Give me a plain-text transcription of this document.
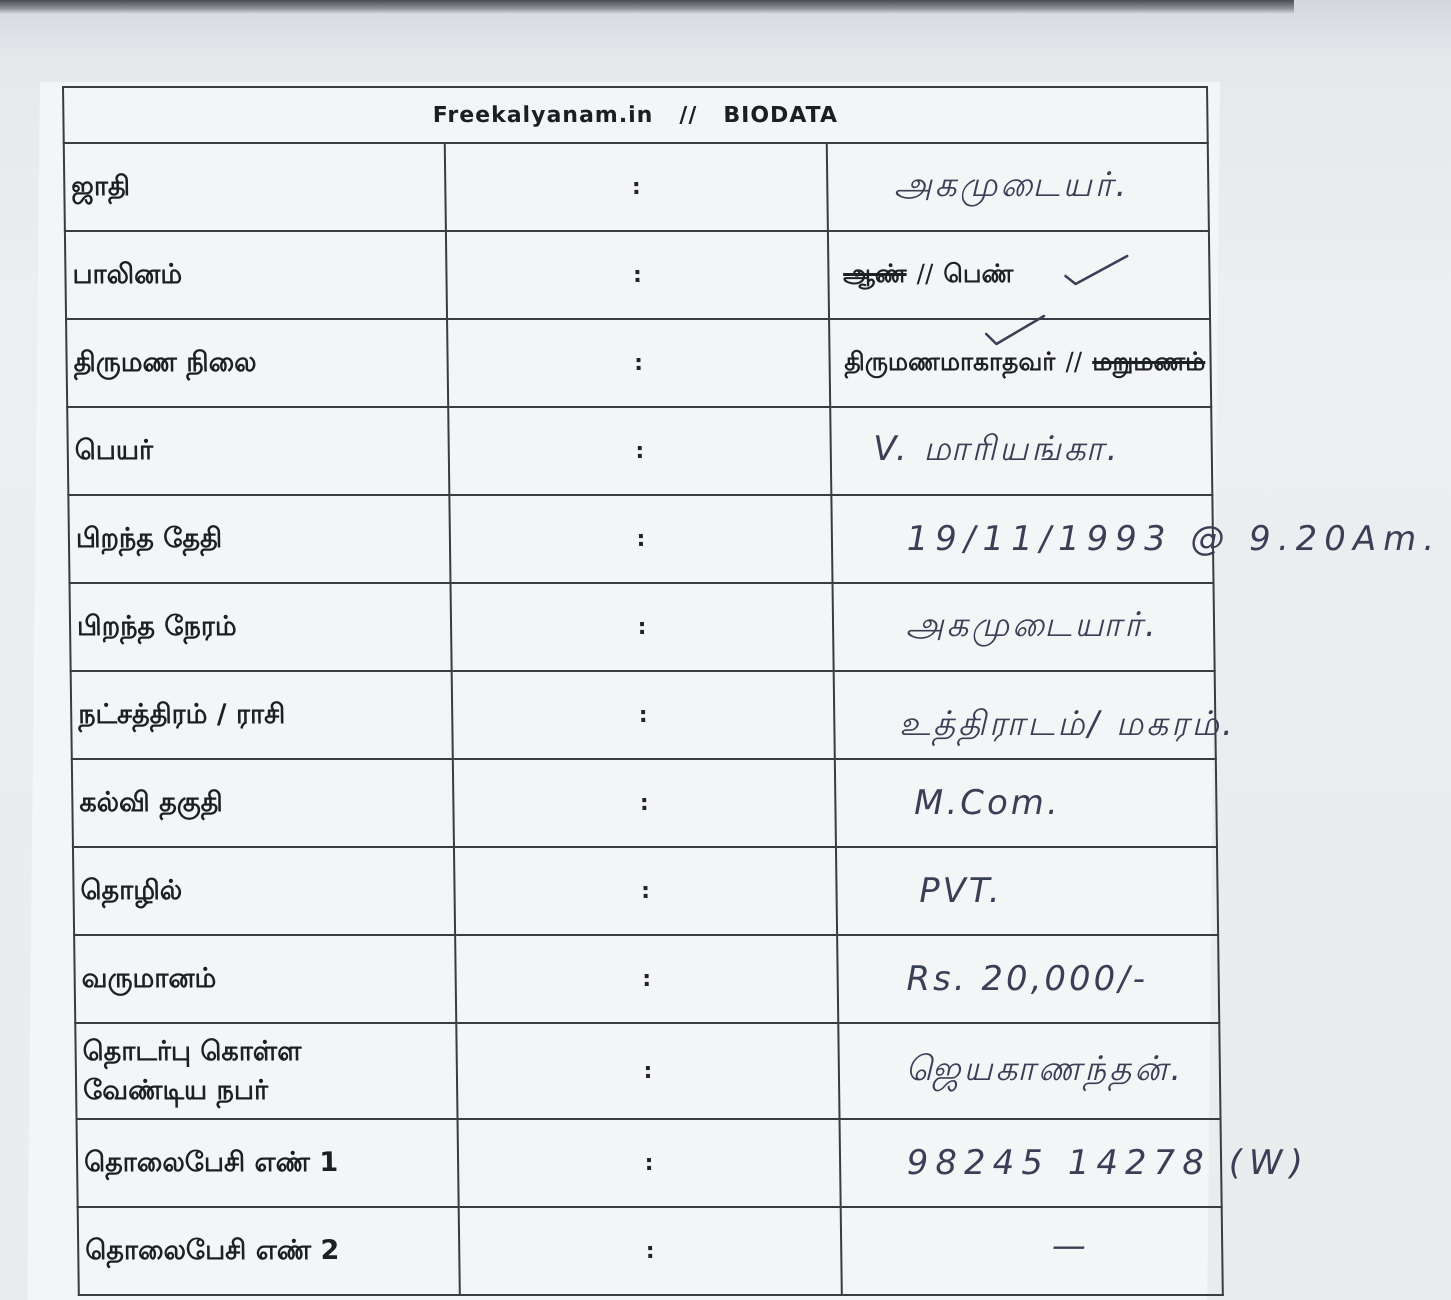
Freekalyanam.in // BIODATA		
ஜாதி	:	அகமுடையர்.
பாலினம்	:	ஆண் // பெண்

திருமண நிலை	:	திருமணமாகாதவர் // மறுமணம்

பெயர்	:	V. மாரியங்கா.
பிறந்த தேதி	:	19/11/1993 @ 9.20Am.
பிறந்த நேரம்	:	அகமுடையார்.
நட்சத்திரம் / ராசி	:	உத்திராடம்/ மகரம்.
கல்வி தகுதி	:	M.Com.
தொழில்	:	PVT.
வருமானம்	:	Rs. 20,000/-

தொடர்பு கொள்ள
வேண்டிய நபர்	:	ஜெயகாணந்தன்.
தொலைபேசி எண் 1	:	98245 14278 (W)
தொலைபேசி எண் 2	:	—
